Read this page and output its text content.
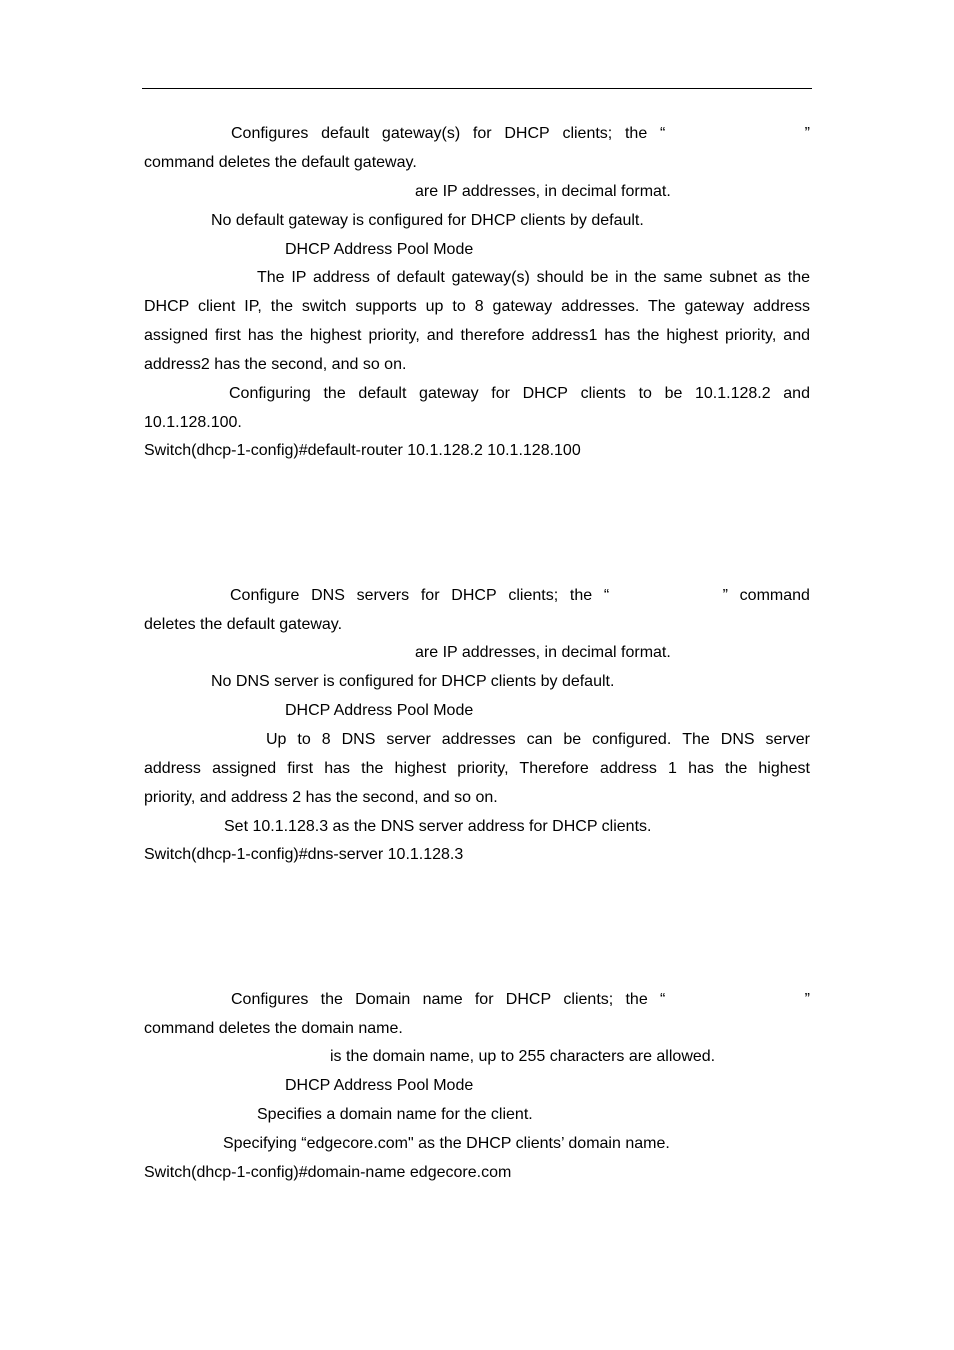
Configures default gateway(s) for DHCP clients; the “	”
command deletes the default gateway.
are IP addresses, in decimal format.
No default gateway is configured for DHCP clients by default.
DHCP Address Pool Mode
The IP address of default gateway(s) should be in the same subnet as the
DHCP client IP, the switch supports up to 8 gateway addresses. The gateway address
assigned first has the highest priority, and therefore address1 has the highest priority, and
address2 has the second, and so on.
Configuring the default gateway for DHCP clients to be 10.1.128.2 and
10.1.128.100.
Switch(dhcp-1-config)#default-router 10.1.128.2 10.1.128.100
Configure DNS servers for DHCP clients; the “	” command
deletes the default gateway.
are IP addresses, in decimal format.
No DNS server is configured for DHCP clients by default.
DHCP Address Pool Mode
Up to 8 DNS server addresses can be configured. The DNS server
address assigned first has the highest priority, Therefore address 1 has the highest
priority, and address 2 has the second, and so on.
Set 10.1.128.3 as the DNS server address for DHCP clients.
Switch(dhcp-1-config)#dns-server 10.1.128.3
Configures the Domain name for DHCP clients; the “	”
command deletes the domain name.
is the domain name, up to 255 characters are allowed.
DHCP Address Pool Mode
Specifies a domain name for the client.
Specifying “edgecore.com" as the DHCP clients’ domain name.
Switch(dhcp-1-config)#domain-name edgecore.com
